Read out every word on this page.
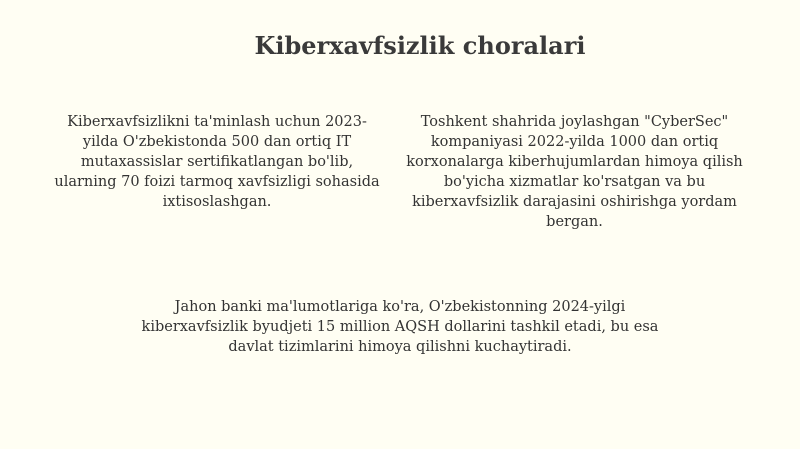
Kiberxavfsizlik choralari

Kiberxavfsizlikni ta'minlash uchun 2023-yilda O'zbekistonda 500 dan ortiq IT mutaxassislar sertifikatlangan bo'lib, ularning 70 foizi tarmoq xavfsizligi sohasida ixtisoslashgan.

Toshkent shahrida joylashgan "CyberSec" kompaniyasi 2022-yilda 1000 dan ortiq korxonalarga kiberhujumlardan himoya qilish bo'yicha xizmatlar ko'rsatgan va bu kiberxavfsizlik darajasini oshirishga yordam bergan.

Jahon banki ma'lumotlariga ko'ra, O'zbekistonning 2024-yilgi kiberxavfsizlik byudjeti 15 million AQSH dollarini tashkil etadi, bu esa davlat tizimlarini himoya qilishni kuchaytiradi.
